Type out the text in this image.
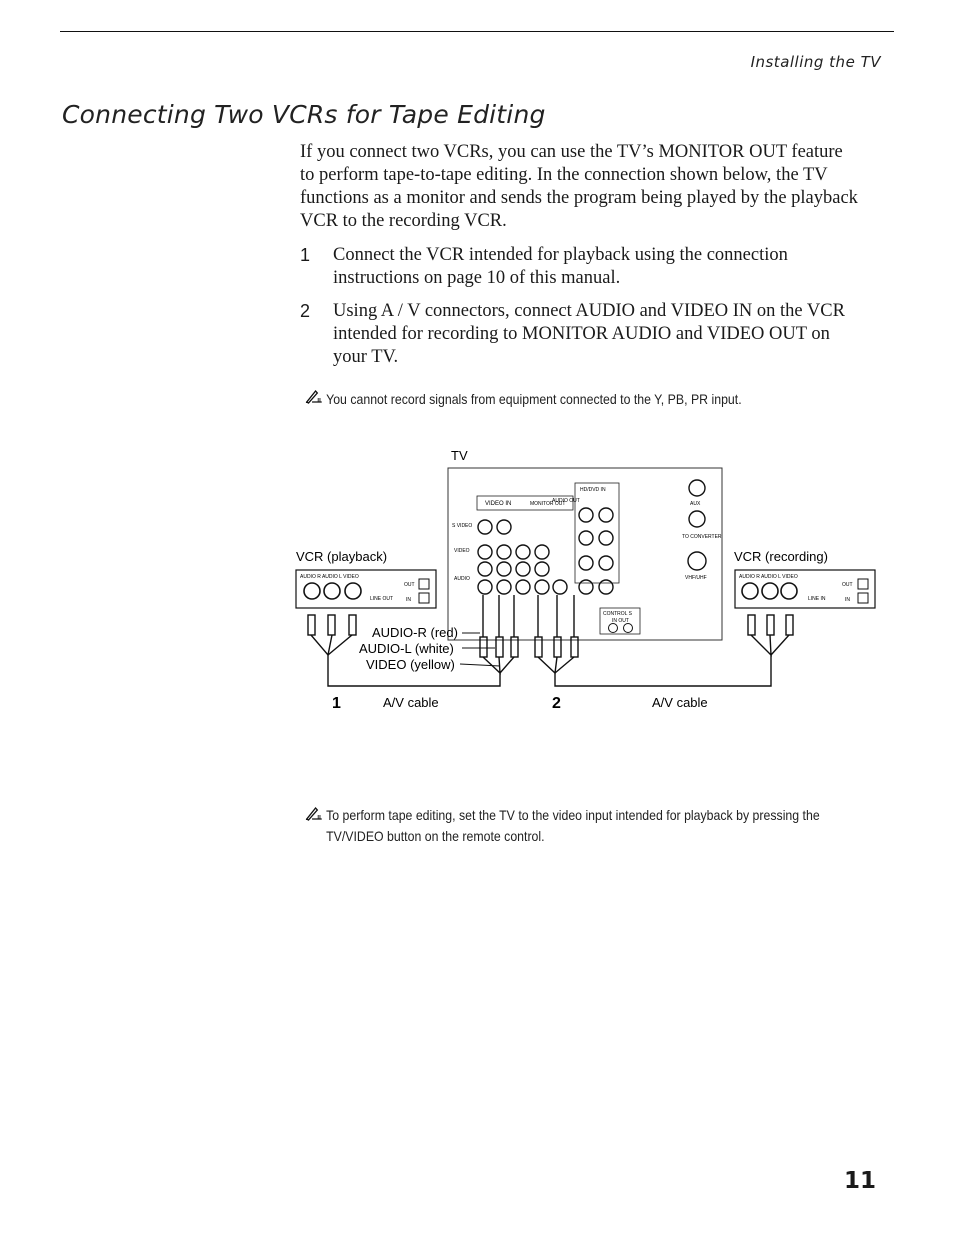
Installing the TV
Connecting Two VCRs for Tape Editing
If you connect two VCRs, you can use the TV’s MONITOR OUT feature to perform tape-to-tape editing. In the connection shown below, the TV functions as a monitor and sends the program being played by the playback VCR to the recording VCR.
1 Connect the VCR intended for playback using the connection instructions on page 10 of this manual.
2 Using A / V connectors, connect AUDIO and VIDEO IN on the VCR intended for recording to MONITOR AUDIO and VIDEO OUT on your TV.
You cannot record signals from equipment connected to the Y, PB, PR input.
TV
VIDEO IN	MONITOR OUT
AUDIO OUT
HD/DVD IN
S VIDEO
VIDEO
AUDIO
AUX
TO CONVERTER
VHF/UHF
CONTROL S
IN OUT
VCR (playback)
AUDIO R AUDIO L VIDEO
LINE OUT
OUT
IN
VCR (recording)
AUDIO R AUDIO L VIDEO
LINE IN
OUT
IN
AUDIO-R (red)
AUDIO-L (white)
VIDEO (yellow)
1	A/V cable	2	A/V cable
To perform tape editing, set the TV to the video input intended for playback by pressing the TV/VIDEO button on the remote control.
11
